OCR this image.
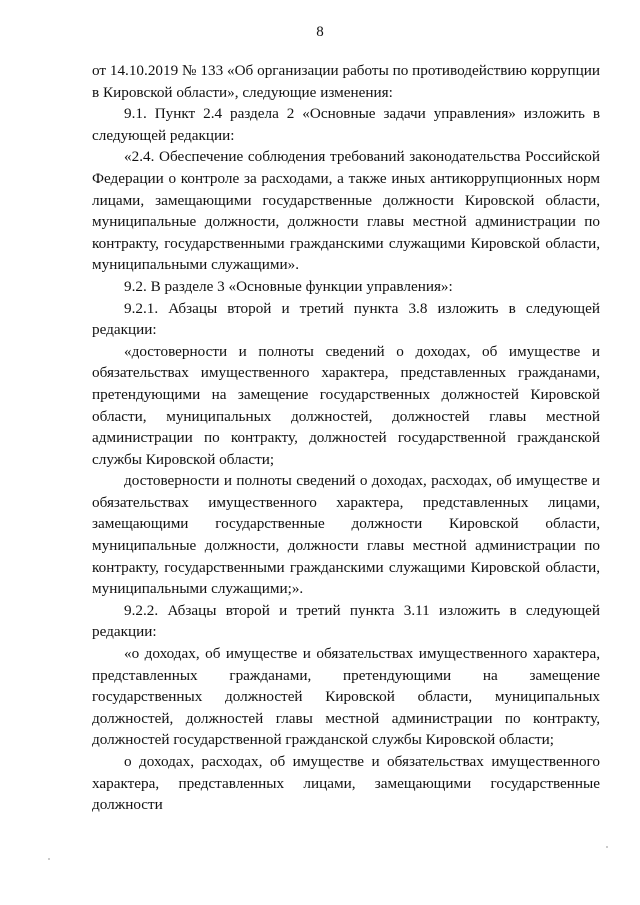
8

от 14.10.2019 № 133 «Об организации работы по противодействию коррупции в Кировской области», следующие изменения:

9.1. Пункт 2.4 раздела 2 «Основные задачи управления» изложить в следующей редакции:

«2.4. Обеспечение соблюдения требований законодательства Российской Федерации о контроле за расходами, а также иных антикоррупционных норм лицами, замещающими государственные должности Кировской области, муниципальные должности, должности главы местной администрации по контракту, государственными гражданскими служащими Кировской области, муниципальными служащими».

9.2. В разделе 3 «Основные функции управления»:

9.2.1. Абзацы второй и третий пункта 3.8 изложить в следующей редакции:

«достоверности и полноты сведений о доходах, об имуществе и обязательствах имущественного характера, представленных гражданами, претендующими на замещение государственных должностей Кировской области, муниципальных должностей, должностей главы местной администрации по контракту, должностей государственной гражданской службы Кировской области;

достоверности и полноты сведений о доходах, расходах, об имуществе и обязательствах имущественного характера, представленных лицами, замещающими государственные должности Кировской области, муниципальные должности, должности главы местной администрации по контракту, государственными гражданскими служащими Кировской области, муниципальными служащими;».

9.2.2. Абзацы второй и третий пункта 3.11 изложить в следующей редакции:

«о доходах, об имуществе и обязательствах имущественного характера, представленных гражданами, претендующими на замещение государственных должностей Кировской области, муниципальных должностей, должностей главы местной администрации по контракту, должностей государственной гражданской службы Кировской области;

о доходах, расходах, об имуществе и обязательствах имущественного характера, представленных лицами, замещающими государственные должности
